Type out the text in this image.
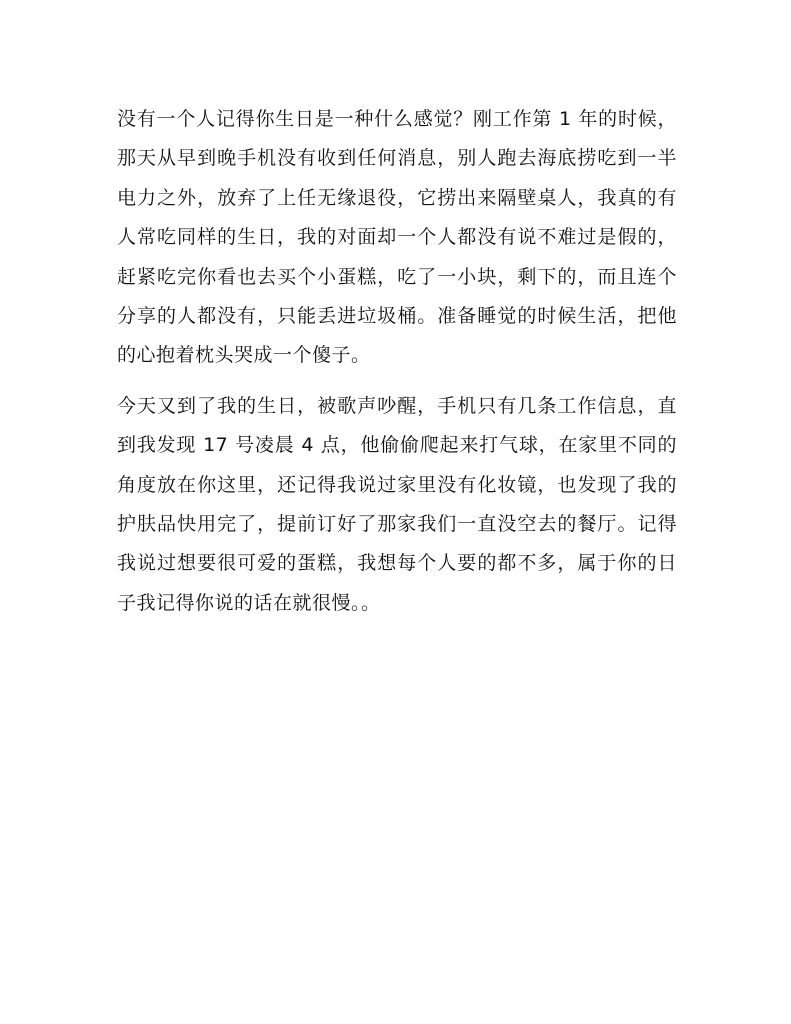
没有一个人记得你生日是一种什么感觉？刚工作第 1 年的时候，那天从早到晚手机没有收到任何消息，别人跑去海底捞吃到一半电力之外，放弃了上任无缘退役，它捞出来隔壁桌人，我真的有人常吃同样的生日，我的对面却一个人都没有说不难过是假的，赶紧吃完你看也去买个小蛋糕，吃了一小块，剩下的，而且连个分享的人都没有，只能丢进垃圾桶。准备睡觉的时候生活，把他的心抱着枕头哭成一个傻子。

今天又到了我的生日，被歌声吵醒，手机只有几条工作信息，直到我发现 17 号凌晨 4 点，他偷偷爬起来打气球，在家里不同的角度放在你这里，还记得我说过家里没有化妆镜，也发现了我的护肤品快用完了，提前订好了那家我们一直没空去的餐厅。记得我说过想要很可爱的蛋糕，我想每个人要的都不多，属于你的日子我记得你说的话在就很慢。。
